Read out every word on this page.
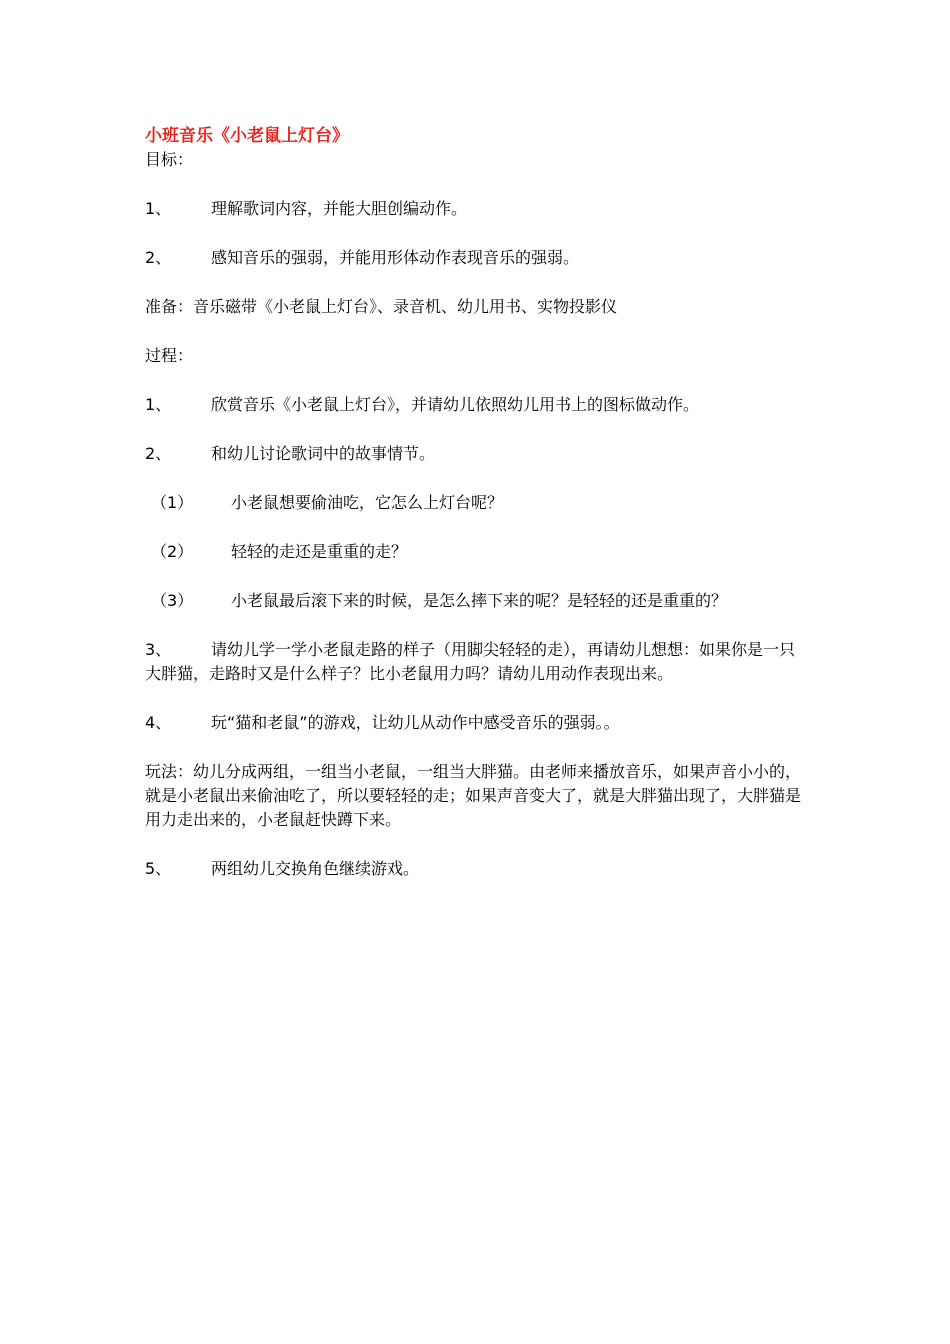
小班音乐《小老鼠上灯台》

目标：

1、	理解歌词内容，并能大胆创编动作。
2、	感知音乐的强弱，并能用形体动作表现音乐的强弱。

准备：音乐磁带《小老鼠上灯台》、录音机、幼儿用书、实物投影仪

过程：

1、	欣赏音乐《小老鼠上灯台》，并请幼儿依照幼儿用书上的图标做动作。
2、	和幼儿讨论歌词中的故事情节。
（1）	小老鼠想要偷油吃，它怎么上灯台呢？
（2）	轻轻的走还是重重的走？
（3）	小老鼠最后滚下来的时候，是怎么摔下来的呢？是轻轻的还是重重的？
3、 请幼儿学一学小老鼠走路的样子（用脚尖轻轻的走），再请幼儿想想：如果你是一只大胖猫，走路时又是什么样子？比小老鼠用力吗？请幼儿用动作表现出来。
4、	玩“猫和老鼠”的游戏，让幼儿从动作中感受音乐的强弱。。

玩法：幼儿分成两组，一组当小老鼠，一组当大胖猫。由老师来播放音乐，如果声音小小的，就是小老鼠出来偷油吃了，所以要轻轻的走；如果声音变大了，就是大胖猫出现了，大胖猫是用力走出来的，小老鼠赶快蹲下来。

5、	两组幼儿交换角色继续游戏。
